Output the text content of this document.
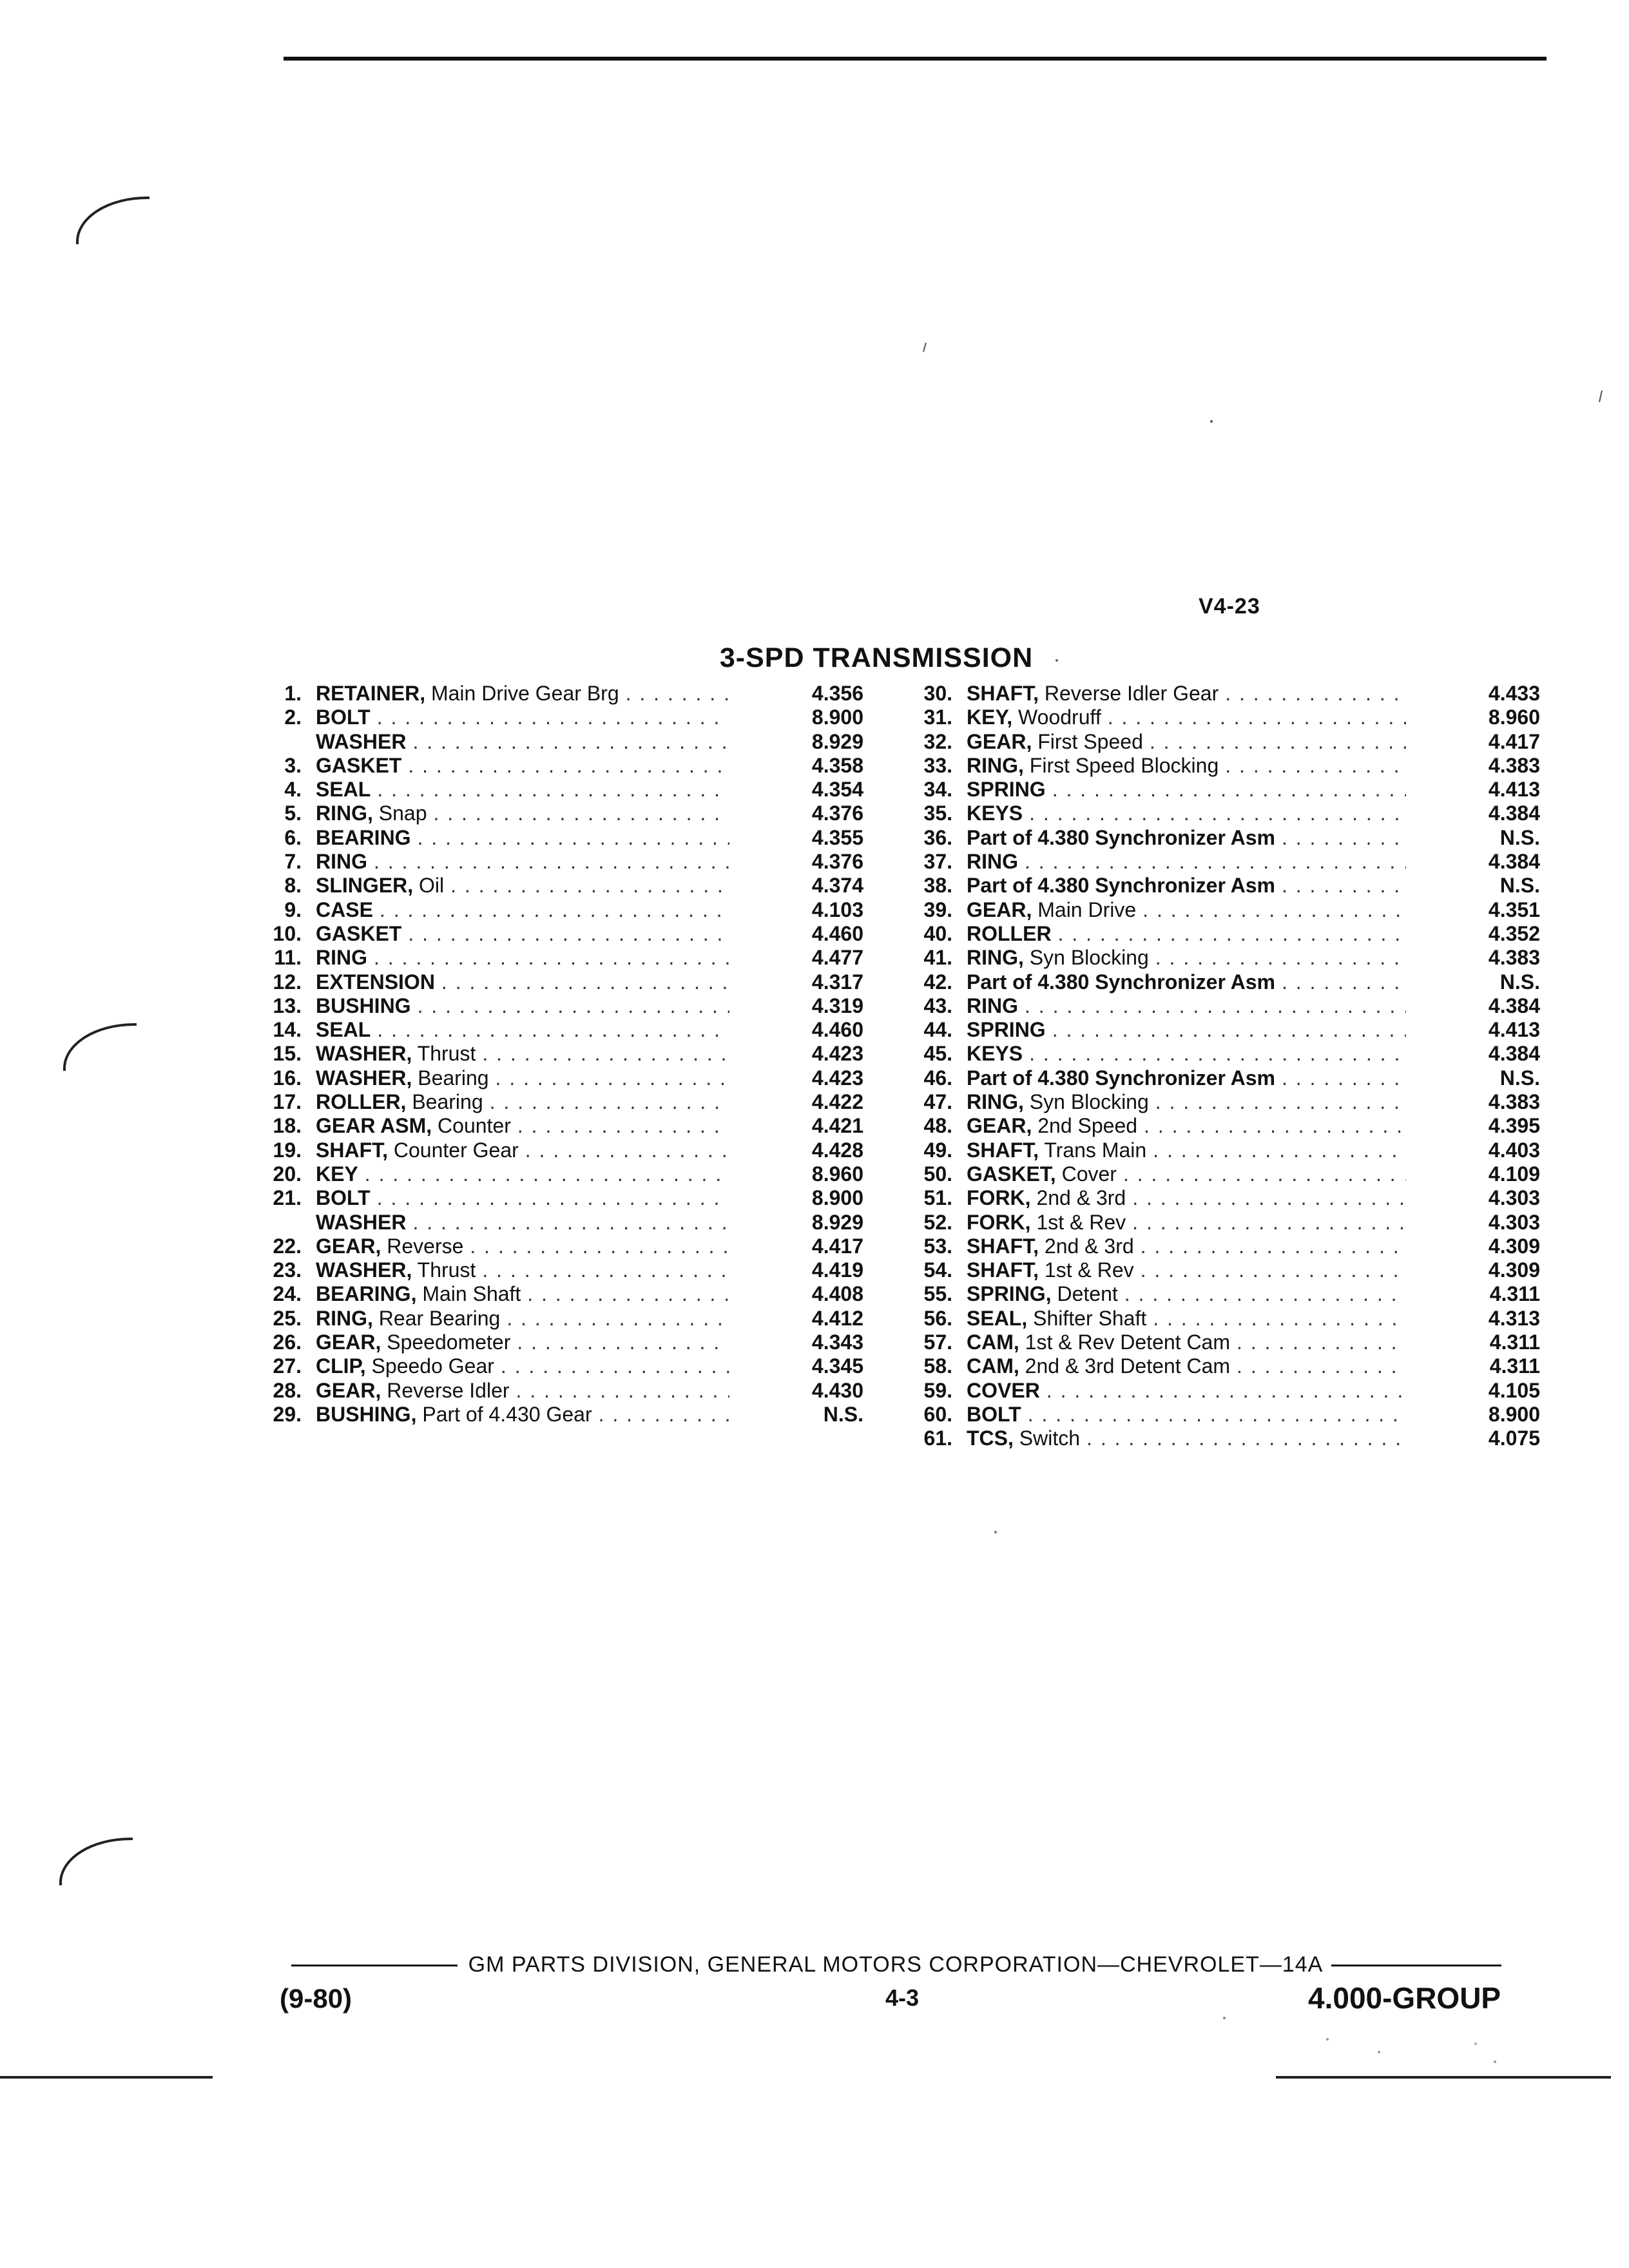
V4-23
3-SPD TRANSMISSION
1. RETAINER, Main Drive Gear Brg . . .	4.356
2. BOLT . . .	8.900
WASHER . . .	8.929
3. GASKET . . .	4.358
4. SEAL . . .	4.354
5. RING, Snap . . .	4.376
6. BEARING . . .	4.355
7. RING . . .	4.376
8. SLINGER, Oil . . .	4.374
9. CASE . . .	4.103
10. GASKET . . .	4.460
11. RING . . .	4.477
12. EXTENSION . . .	4.317
13. BUSHING . . .	4.319
14. SEAL . . .	4.460
15. WASHER, Thrust . . .	4.423
16. WASHER, Bearing . . .	4.423
17. ROLLER, Bearing . . .	4.422
18. GEAR ASM, Counter . . .	4.421
19. SHAFT, Counter Gear . . .	4.428
20. KEY . . .	8.960
21. BOLT . . .	8.900
WASHER . . .	8.929
22. GEAR, Reverse . . .	4.417
23. WASHER, Thrust . . .	4.419
24. BEARING, Main Shaft . . .	4.408
25. RING, Rear Bearing . . .	4.412
26. GEAR, Speedometer . . .	4.343
27. CLIP, Speedo Gear . . .	4.345
28. GEAR, Reverse Idler . . .	4.430
29. BUSHING, Part of 4.430 Gear . . .	N.S.
30. SHAFT, Reverse Idler Gear . . .	4.433
31. KEY, Woodruff . . .	8.960
32. GEAR, First Speed . . .	4.417
33. RING, First Speed Blocking . . .	4.383
34. SPRING . . .	4.413
35. KEYS . . .	4.384
36. Part of 4.380 Synchronizer Asm . . .	N.S.
37. RING . . .	4.384
38. Part of 4.380 Synchronizer Asm . . .	N.S.
39. GEAR, Main Drive . . .	4.351
40. ROLLER . . .	4.352
41. RING, Syn Blocking . . .	4.383
42. Part of 4.380 Synchronizer Asm . . .	N.S.
43. RING . . .	4.384
44. SPRING . . .	4.413
45. KEYS . . .	4.384
46. Part of 4.380 Synchronizer Asm . . .	N.S.
47. RING, Syn Blocking . . .	4.383
48. GEAR, 2nd Speed . . .	4.395
49. SHAFT, Trans Main . . .	4.403
50. GASKET, Cover . . .	4.109
51. FORK, 2nd & 3rd . . .	4.303
52. FORK, 1st & Rev . . .	4.303
53. SHAFT, 2nd & 3rd . . .	4.309
54. SHAFT, 1st & Rev . . .	4.309
55. SPRING, Detent . . .	4.311
56. SEAL, Shifter Shaft . . .	4.313
57. CAM, 1st & Rev Detent Cam . . .	4.311
58. CAM, 2nd & 3rd Detent Cam . . .	4.311
59. COVER . . .	4.105
60. BOLT . . .	8.900
61. TCS, Switch . . .	4.075
GM PARTS DIVISION, GENERAL MOTORS CORPORATION—CHEVROLET—14A
(9-80)	4-3	4.000-GROUP
